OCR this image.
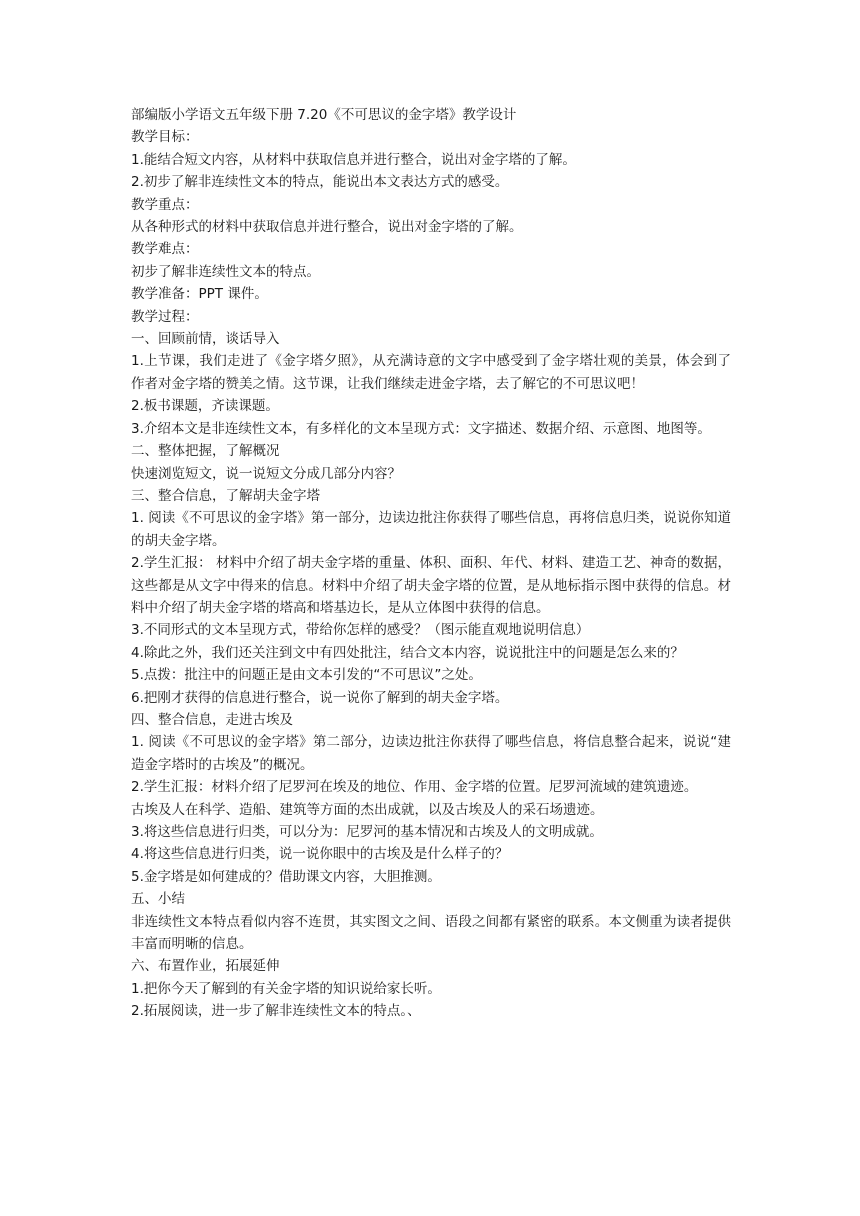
部编版小学语文五年级下册 7.20《不可思议的金字塔》教学设计

教学目标：

1.能结合短文内容，从材料中获取信息并进行整合，说出对金字塔的了解。

2.初步了解非连续性文本的特点，能说出本文表达方式的感受。

教学重点：

从各种形式的材料中获取信息并进行整合，说出对金字塔的了解。

教学难点：

初步了解非连续性文本的特点。

教学准备：PPT 课件。

教学过程：

一、回顾前情，谈话导入

1.上节课，我们走进了《金字塔夕照》，从充满诗意的文字中感受到了金字塔壮观的美景，体会到了作者对金字塔的赞美之情。这节课，让我们继续走进金字塔，去了解它的不可思议吧！

2.板书课题，齐读课题。

3.介绍本文是非连续性文本，有多样化的文本呈现方式：文字描述、数据介绍、示意图、地图等。

二、整体把握，了解概况

快速浏览短文，说一说短文分成几部分内容？

三、整合信息，了解胡夫金字塔

1. 阅读《不可思议的金字塔》第一部分，边读边批注你获得了哪些信息，再将信息归类，说说你知道的胡夫金字塔。

2.学生汇报： 材料中介绍了胡夫金字塔的重量、体积、面积、年代、材料、建造工艺、神奇的数据，这些都是从文字中得来的信息。材料中介绍了胡夫金字塔的位置，是从地标指示图中获得的信息。材料中介绍了胡夫金字塔的塔高和塔基边长，是从立体图中获得的信息。

3.不同形式的文本呈现方式，带给你怎样的感受？（图示能直观地说明信息）

4.除此之外，我们还关注到文中有四处批注，结合文本内容，说说批注中的问题是怎么来的？

5.点拨：批注中的问题正是由文本引发的“不可思议”之处。

6.把刚才获得的信息进行整合，说一说你了解到的胡夫金字塔。

四、整合信息，走进古埃及

1. 阅读《不可思议的金字塔》第二部分，边读边批注你获得了哪些信息，将信息整合起来，说说“建造金字塔时的古埃及”的概况。

2.学生汇报：材料介绍了尼罗河在埃及的地位、作用、金字塔的位置。尼罗河流域的建筑遗迹。

古埃及人在科学、造船、建筑等方面的杰出成就，以及古埃及人的采石场遗迹。

3.将这些信息进行归类，可以分为：尼罗河的基本情况和古埃及人的文明成就。

4.将这些信息进行归类，说一说你眼中的古埃及是什么样子的？

5.金字塔是如何建成的？借助课文内容，大胆推测。

五、小结

非连续性文本特点看似内容不连贯，其实图文之间、语段之间都有紧密的联系。本文侧重为读者提供丰富而明晰的信息。

六、布置作业，拓展延伸

1.把你今天了解到的有关金字塔的知识说给家长听。

2.拓展阅读，进一步了解非连续性文本的特点。、
